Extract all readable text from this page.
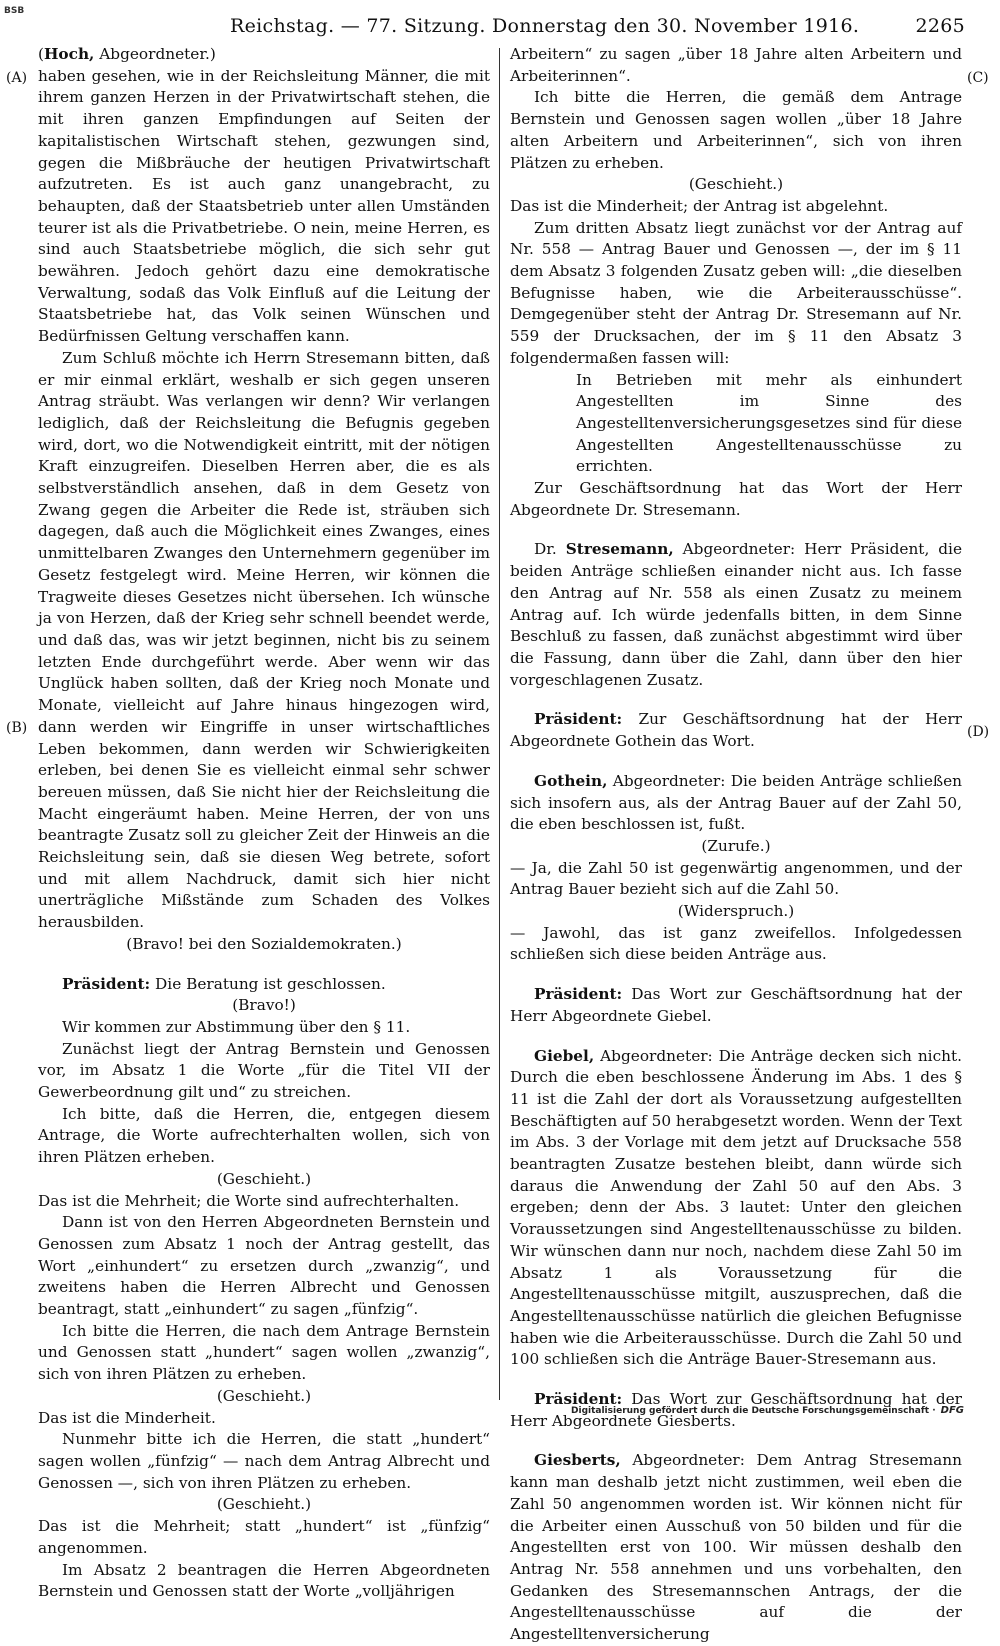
BSB
Reichstag. — 77. Sitzung. Donnerstag den 30. November 1916.	2265
(A)
(B)
(C)
(D)

(Hoch, Abgeordneter.)

haben gesehen, wie in der Reichsleitung Männer, die mit ihrem ganzen Herzen in der Privatwirtschaft stehen, die mit ihren ganzen Empfindungen auf Seiten der kapitalistischen Wirtschaft stehen, gezwungen sind, gegen die Mißbräuche der heutigen Privatwirtschaft aufzutreten. Es ist auch ganz unangebracht, zu behaupten, daß der Staatsbetrieb unter allen Umständen teurer ist als die Privatbetriebe. O nein, meine Herren, es sind auch Staatsbetriebe möglich, die sich sehr gut bewähren. Jedoch gehört dazu eine demokratische Verwaltung, sodaß das Volk Einfluß auf die Leitung der Staatsbetriebe hat, das Volk seinen Wünschen und Bedürfnissen Geltung verschaffen kann.

Zum Schluß möchte ich Herrn Stresemann bitten, daß er mir einmal erklärt, weshalb er sich gegen unseren Antrag sträubt. Was verlangen wir denn? Wir verlangen lediglich, daß der Reichsleitung die Befugnis gegeben wird, dort, wo die Notwendigkeit eintritt, mit der nötigen Kraft einzugreifen. Dieselben Herren aber, die es als selbstverständlich ansehen, daß in dem Gesetz von Zwang gegen die Arbeiter die Rede ist, sträuben sich dagegen, daß auch die Möglichkeit eines Zwanges, eines unmittelbaren Zwanges den Unternehmern gegenüber im Gesetz festgelegt wird. Meine Herren, wir können die Tragweite dieses Gesetzes nicht übersehen. Ich wünsche ja von Herzen, daß der Krieg sehr schnell beendet werde, und daß das, was wir jetzt beginnen, nicht bis zu seinem letzten Ende durchgeführt werde. Aber wenn wir das Unglück haben sollten, daß der Krieg noch Monate und Monate, vielleicht auf Jahre hinaus hingezogen wird, dann werden wir Eingriffe in unser wirtschaftliches Leben bekommen, dann werden wir Schwierigkeiten erleben, bei denen Sie es vielleicht einmal sehr schwer bereuen müssen, daß Sie nicht hier der Reichsleitung die Macht eingeräumt haben. Meine Herren, der von uns beantragte Zusatz soll zu gleicher Zeit der Hinweis an die Reichsleitung sein, daß sie diesen Weg betrete, sofort und mit allem Nachdruck, damit sich hier nicht unerträgliche Mißstände zum Schaden des Volkes herausbilden.

(Bravo! bei den Sozialdemokraten.)

Präsident: Die Beratung ist geschlossen.

(Bravo!)

Wir kommen zur Abstimmung über den § 11.

Zunächst liegt der Antrag Bernstein und Genossen vor, im Absatz 1 die Worte „für die Titel VII der Gewerbeordnung gilt und“ zu streichen.

Ich bitte, daß die Herren, die, entgegen diesem Antrage, die Worte aufrechterhalten wollen, sich von ihren Plätzen erheben.

(Geschieht.)

Das ist die Mehrheit; die Worte sind aufrechterhalten.

Dann ist von den Herren Abgeordneten Bernstein und Genossen zum Absatz 1 noch der Antrag gestellt, das Wort „einhundert“ zu ersetzen durch „zwanzig“, und zweitens haben die Herren Albrecht und Genossen beantragt, statt „einhundert“ zu sagen „fünfzig“.

Ich bitte die Herren, die nach dem Antrage Bernstein und Genossen statt „hundert“ sagen wollen „zwanzig“, sich von ihren Plätzen zu erheben.

(Geschieht.)

Das ist die Minderheit.

Nunmehr bitte ich die Herren, die statt „hundert“ sagen wollen „fünfzig“ — nach dem Antrag Albrecht und Genossen —, sich von ihren Plätzen zu erheben.

(Geschieht.)

Das ist die Mehrheit; statt „hundert“ ist „fünfzig“ angenommen.

Im Absatz 2 beantragen die Herren Abgeordneten Bernstein und Genossen statt der Worte „volljährigen

Arbeitern“ zu sagen „über 18 Jahre alten Arbeitern und Arbeiterinnen“.

Ich bitte die Herren, die gemäß dem Antrage Bernstein und Genossen sagen wollen „über 18 Jahre alten Arbeitern und Arbeiterinnen“, sich von ihren Plätzen zu erheben.

(Geschieht.)

Das ist die Minderheit; der Antrag ist abgelehnt.

Zum dritten Absatz liegt zunächst vor der Antrag auf Nr. 558 — Antrag Bauer und Genossen —, der im § 11 dem Absatz 3 folgenden Zusatz geben will: „die dieselben Befugnisse haben, wie die Arbeiterausschüsse“. Demgegenüber steht der Antrag Dr. Stresemann auf Nr. 559 der Drucksachen, der im § 11 den Absatz 3 folgendermaßen fassen will:

In Betrieben mit mehr als einhundert Angestellten im Sinne des Angestelltenversicherungsgesetzes sind für diese Angestellten Angestelltenausschüsse zu errichten.

Zur Geschäftsordnung hat das Wort der Herr Abgeordnete Dr. Stresemann.

Dr. Stresemann, Abgeordneter: Herr Präsident, die beiden Anträge schließen einander nicht aus. Ich fasse den Antrag auf Nr. 558 als einen Zusatz zu meinem Antrag auf. Ich würde jedenfalls bitten, in dem Sinne Beschluß zu fassen, daß zunächst abgestimmt wird über die Fassung, dann über die Zahl, dann über den hier vorgeschlagenen Zusatz.

Präsident: Zur Geschäftsordnung hat der Herr Abgeordnete Gothein das Wort.

Gothein, Abgeordneter: Die beiden Anträge schließen sich insofern aus, als der Antrag Bauer auf der Zahl 50, die eben beschlossen ist, fußt.

(Zurufe.)

— Ja, die Zahl 50 ist gegenwärtig angenommen, und der Antrag Bauer bezieht sich auf die Zahl 50.

(Widerspruch.)

— Jawohl, das ist ganz zweifellos. Infolgedessen schließen sich diese beiden Anträge aus.

Präsident: Das Wort zur Geschäftsordnung hat der Herr Abgeordnete Giebel.

Giebel, Abgeordneter: Die Anträge decken sich nicht. Durch die eben beschlossene Änderung im Abs. 1 des § 11 ist die Zahl der dort als Voraussetzung aufgestellten Beschäftigten auf 50 herabgesetzt worden. Wenn der Text im Abs. 3 der Vorlage mit dem jetzt auf Drucksache 558 beantragten Zusatze bestehen bleibt, dann würde sich daraus die Anwendung der Zahl 50 auf den Abs. 3 ergeben; denn der Abs. 3 lautet: Unter den gleichen Voraussetzungen sind Angestelltenausschüsse zu bilden. Wir wünschen dann nur noch, nachdem diese Zahl 50 im Absatz 1 als Voraussetzung für die Angestelltenausschüsse mitgilt, auszusprechen, daß die Angestelltenausschüsse natürlich die gleichen Befugnisse haben wie die Arbeiterausschüsse. Durch die Zahl 50 und 100 schließen sich die Anträge Bauer-Stresemann aus.

Präsident: Das Wort zur Geschäftsordnung hat der Herr Abgeordnete Giesberts.

Giesberts, Abgeordneter: Dem Antrag Stresemann kann man deshalb jetzt nicht zustimmen, weil eben die Zahl 50 angenommen worden ist. Wir können nicht für die Arbeiter einen Ausschuß von 50 bilden und für die Angestellten erst von 100. Wir müssen deshalb den Antrag Nr. 558 annehmen und uns vorbehalten, den Gedanken des Stresemannschen Antrags, der die Angestelltenausschüsse auf die der Angestelltenversicherung

Digitalisierung gefördert durch die Deutsche Forschungsgemeinschaft · DFG
